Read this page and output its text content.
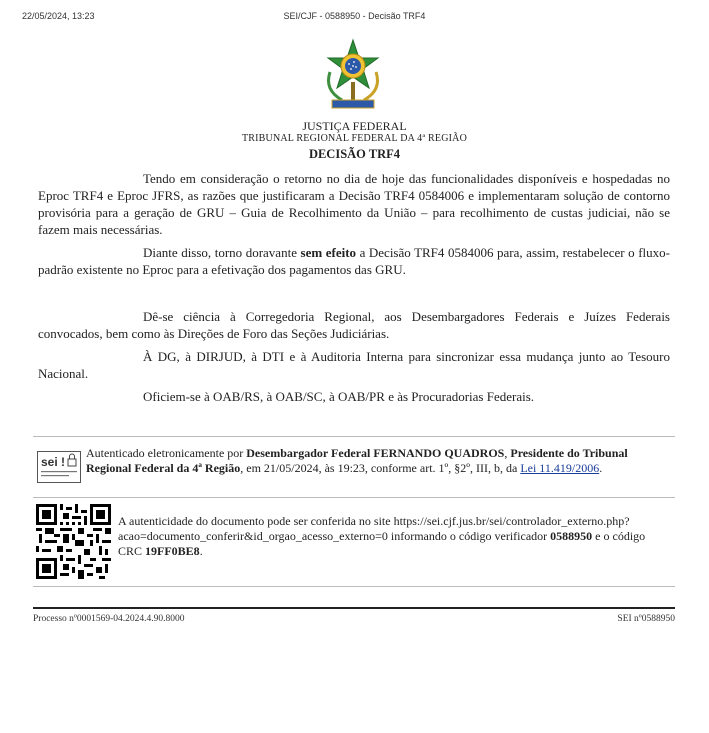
22/05/2024, 13:23	SEI/CJF - 0588950 - Decisão TRF4
JUSTIÇA FEDERAL
TRIBUNAL REGIONAL FEDERAL DA 4ª REGIÃO
DECISÃO TRF4

Tendo em consideração o retorno no dia de hoje das funcionalidades disponíveis e hospedadas no Eproc TRF4 e Eproc JFRS, as razões que justificaram a Decisão TRF4 0584006 e implementaram solução de contorno provisória para a geração de GRU – Guia de Recolhimento da União – para recolhimento de custas judiciai, não se fazem mais necessárias.

Diante disso, torno doravante sem efeito a Decisão TRF4 0584006 para, assim, restabelecer o fluxo-padrão existente no Eproc para a efetivação dos pagamentos das GRU.

Dê-se ciência à Corregedoria Regional, aos Desembargadores Federais e Juízes Federais convocados, bem como às Direções de Foro das Seções Judiciárias.

À DG, à DIRJUD, à DTI e à Auditoria Interna para sincronizar essa mudança junto ao Tesouro Nacional.

Oficiem-se à OAB/RS, à OAB/SC, à OAB/PR e às Procuradorias Federais.

sei !
Autenticado eletronicamente por Desembargador Federal FERNANDO QUADROS, Presidente do Tribunal Regional Federal da 4ª Região, em 21/05/2024, às 19:23, conforme art. 1º, §2º, III, b, da Lei 11.419/2006.
A autenticidade do documento pode ser conferida no site https://sei.cjf.jus.br/sei/controlador_externo.php?acao=documento_conferir&id_orgao_acesso_externo=0 informando o código verificador 0588950 e o código CRC 19FF0BE8.
Processo nº0001569-04.2024.4.90.8000	SEI nº0588950
